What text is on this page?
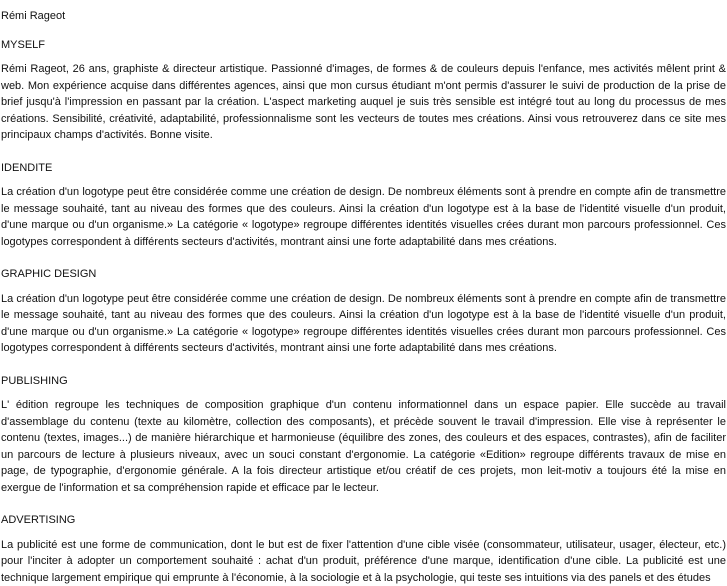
Rémi Rageot
MYSELF
Rémi Rageot, 26 ans, graphiste & directeur artistique. Passionné d'images, de formes & de couleurs depuis l'enfance, mes activités mêlent print & web. Mon expérience acquise dans différentes agences, ainsi que mon cursus étudiant m'ont permis d'assurer le suivi de production de la prise de brief jusqu'à l'impression en passant par la création. L'aspect marketing auquel je suis très sensible est intégré tout au long du processus de mes créations. Sensibilité, créativité, adaptabilité, professionnalisme sont les vecteurs de toutes mes créations. Ainsi vous retrouverez dans ce site mes principaux champs d'activités. Bonne visite.
IDENDITE
La création d'un logotype peut être considérée comme une création de design. De nombreux éléments sont à prendre en compte afin de transmettre le message souhaité, tant au niveau des formes que des couleurs. Ainsi la création d'un logotype est à la base de l'identité visuelle d'un produit, d'une marque ou d'un organisme.» La catégorie « logotype» regroupe différentes identités visuelles crées durant mon parcours professionnel. Ces logotypes correspondent à différents secteurs d'activités, montrant ainsi une forte adaptabilité dans mes créations.
GRAPHIC DESIGN
La création d'un logotype peut être considérée comme une création de design. De nombreux éléments sont à prendre en compte afin de transmettre le message souhaité, tant au niveau des formes que des couleurs. Ainsi la création d'un logotype est à la base de l'identité visuelle d'un produit, d'une marque ou d'un organisme.» La catégorie « logotype» regroupe différentes identités visuelles crées durant mon parcours professionnel. Ces logotypes correspondent à différents secteurs d'activités, montrant ainsi une forte adaptabilité dans mes créations.
PUBLISHING
L' édition regroupe les techniques de composition graphique d'un contenu informationnel dans un espace papier. Elle succède au travail d'assemblage du contenu (texte au kilomètre, collection des composants), et précède souvent le travail d'impression. Elle vise à représenter le contenu (textes, images...) de manière hiérarchique et harmonieuse (équilibre des zones, des couleurs et des espaces, contrastes), afin de faciliter un parcours de lecture à plusieurs niveaux, avec un souci constant d'ergonomie. La catégorie «Edition» regroupe différents travaux de mise en page, de typographie, d'ergonomie générale. A la fois directeur artistique et/ou créatif de ces projets, mon leit-motiv a toujours été la mise en exergue de l'information et sa compréhension rapide et efficace par le lecteur.
ADVERTISING
La publicité est une forme de communication, dont le but est de fixer l'attention d'une cible visée (consommateur, utilisateur, usager, électeur, etc.) pour l'inciter à adopter un comportement souhaité : achat d'un produit, préférence d'une marque, identification d'une cible. La publicité est une technique largement empirique qui emprunte à l'économie, à la sociologie et à la psychologie, qui teste ses intuitions via des panels et des études
